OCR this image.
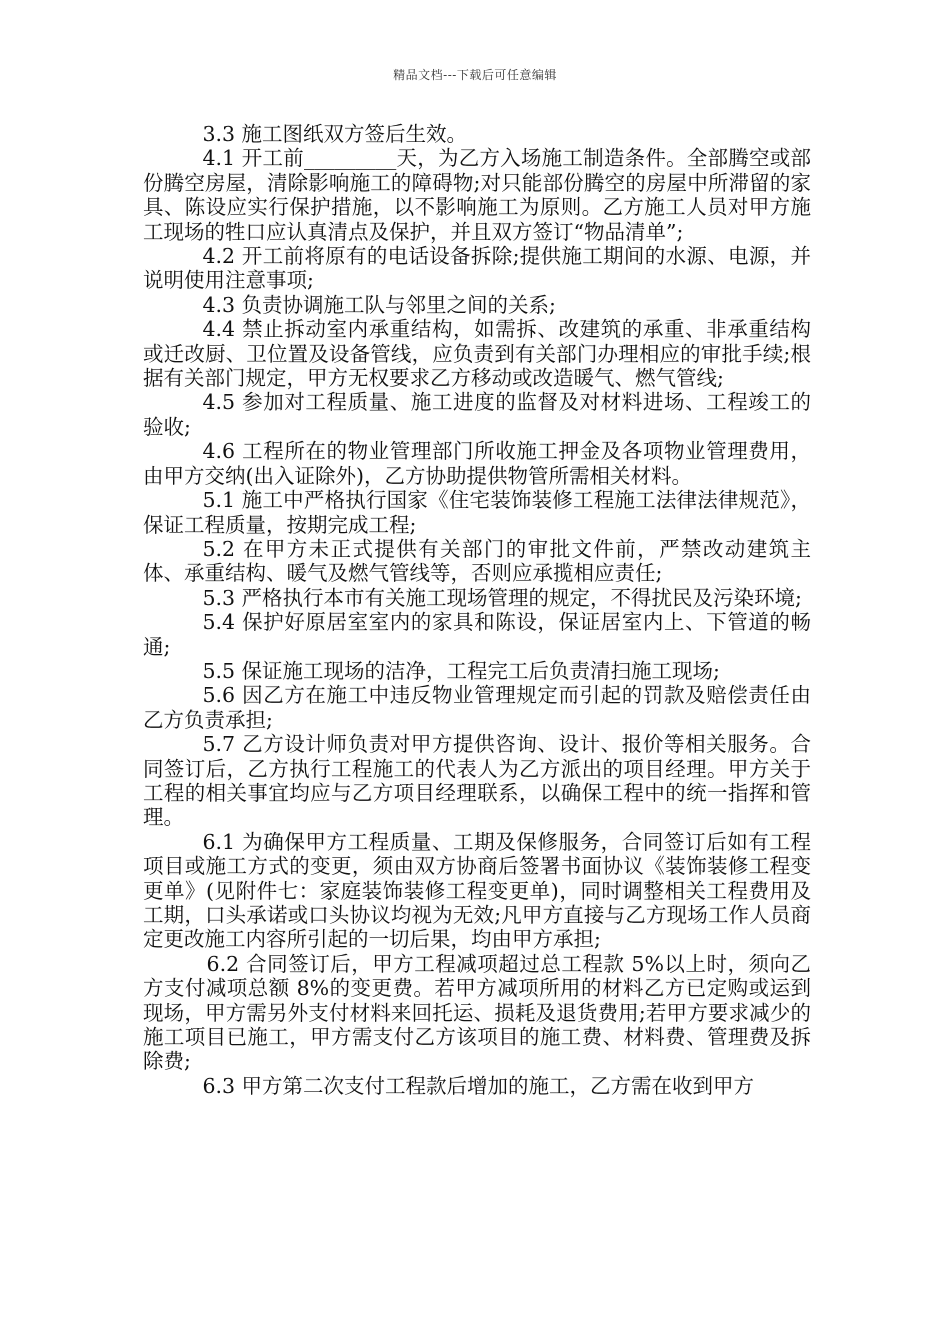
精品文档---下载后可任意编辑

3.3 施工图纸双方签后生效。

4.1 开工前_________天，为乙方入场施工制造条件。全部腾空或部份腾空房屋，清除影响施工的障碍物;对只能部份腾空的房屋中所滞留的家具、陈设应实行保护措施，以不影响施工为原则。乙方施工人员对甲方施工现场的牲口应认真清点及保护，并且双方签订“物品清单”;

4.2 开工前将原有的电话设备拆除;提供施工期间的水源、电源，并说明使用注意事项;

4.3 负责协调施工队与邻里之间的关系;

4.4 禁止拆动室内承重结构，如需拆、改建筑的承重、非承重结构或迁改厨、卫位置及设备管线，应负责到有关部门办理相应的审批手续;根据有关部门规定，甲方无权要求乙方移动或改造暖气、燃气管线;

4.5 参加对工程质量、施工进度的监督及对材料进场、工程竣工的验收;

4.6 工程所在的物业管理部门所收施工押金及各项物业管理费用，由甲方交纳(出入证除外)，乙方协助提供物管所需相关材料。

5.1 施工中严格执行国家《住宅装饰装修工程施工法律法律规范》，保证工程质量，按期完成工程;

5.2 在甲方未正式提供有关部门的审批文件前，严禁改动建筑主体、承重结构、暖气及燃气管线等，否则应承揽相应责任;

5.3 严格执行本市有关施工现场管理的规定，不得扰民及污染环境;

5.4 保护好原居室室内的家具和陈设，保证居室内上、下管道的畅通;

5.5 保证施工现场的洁净，工程完工后负责清扫施工现场;

5.6 因乙方在施工中违反物业管理规定而引起的罚款及赔偿责任由乙方负责承担;

5.7 乙方设计师负责对甲方提供咨询、设计、报价等相关服务。合同签订后，乙方执行工程施工的代表人为乙方派出的项目经理。甲方关于工程的相关事宜均应与乙方项目经理联系，以确保工程中的统一指挥和管理。

6.1 为确保甲方工程质量、工期及保修服务，合同签订后如有工程项目或施工方式的变更，须由双方协商后签署书面协议《装饰装修工程变更单》(见附件七：家庭装饰装修工程变更单)，同时调整相关工程费用及工期，口头承诺或口头协议均视为无效;凡甲方直接与乙方现场工作人员商定更改施工内容所引起的一切后果，均由甲方承担;

6.2 合同签订后，甲方工程减项超过总工程款 5%以上时，须向乙方支付减项总额 8%的变更费。若甲方减项所用的材料乙方已定购或运到现场，甲方需另外支付材料来回托运、损耗及退货费用;若甲方要求减少的施工项目已施工，甲方需支付乙方该项目的施工费、材料费、管理费及拆除费;

6.3 甲方第二次支付工程款后增加的施工，乙方需在收到甲方
